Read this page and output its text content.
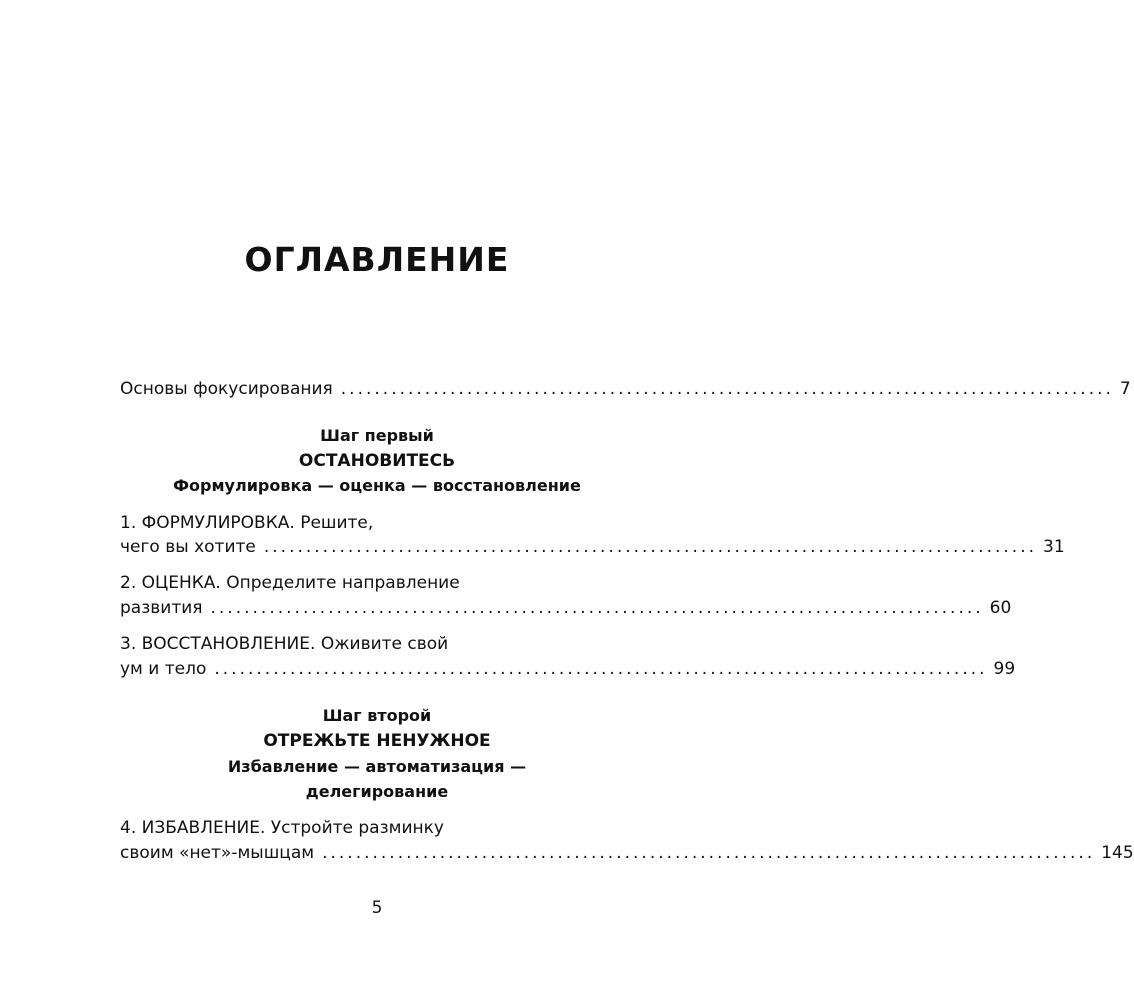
ОГЛАВЛЕНИЕ
Основы фокусирования ............................................................................................ 7
Шаг первый
ОСТАНОВИТЕСЬ
Формулировка — оценка — восстановление
1. ФОРМУЛИРОВКА. Решите,
чего вы хотите ............................................................................................ 31
2. ОЦЕНКА. Определите направление
развития ............................................................................................ 60
3. ВОССТАНОВЛЕНИЕ. Оживите свой
ум и тело ............................................................................................ 99
Шаг второй
ОТРЕЖЬТЕ НЕНУЖНОЕ
Избавление — автоматизация —
делегирование
4. ИЗБАВЛЕНИЕ. Устройте разминку
своим «нет»-мышцам ............................................................................................ 145
5
